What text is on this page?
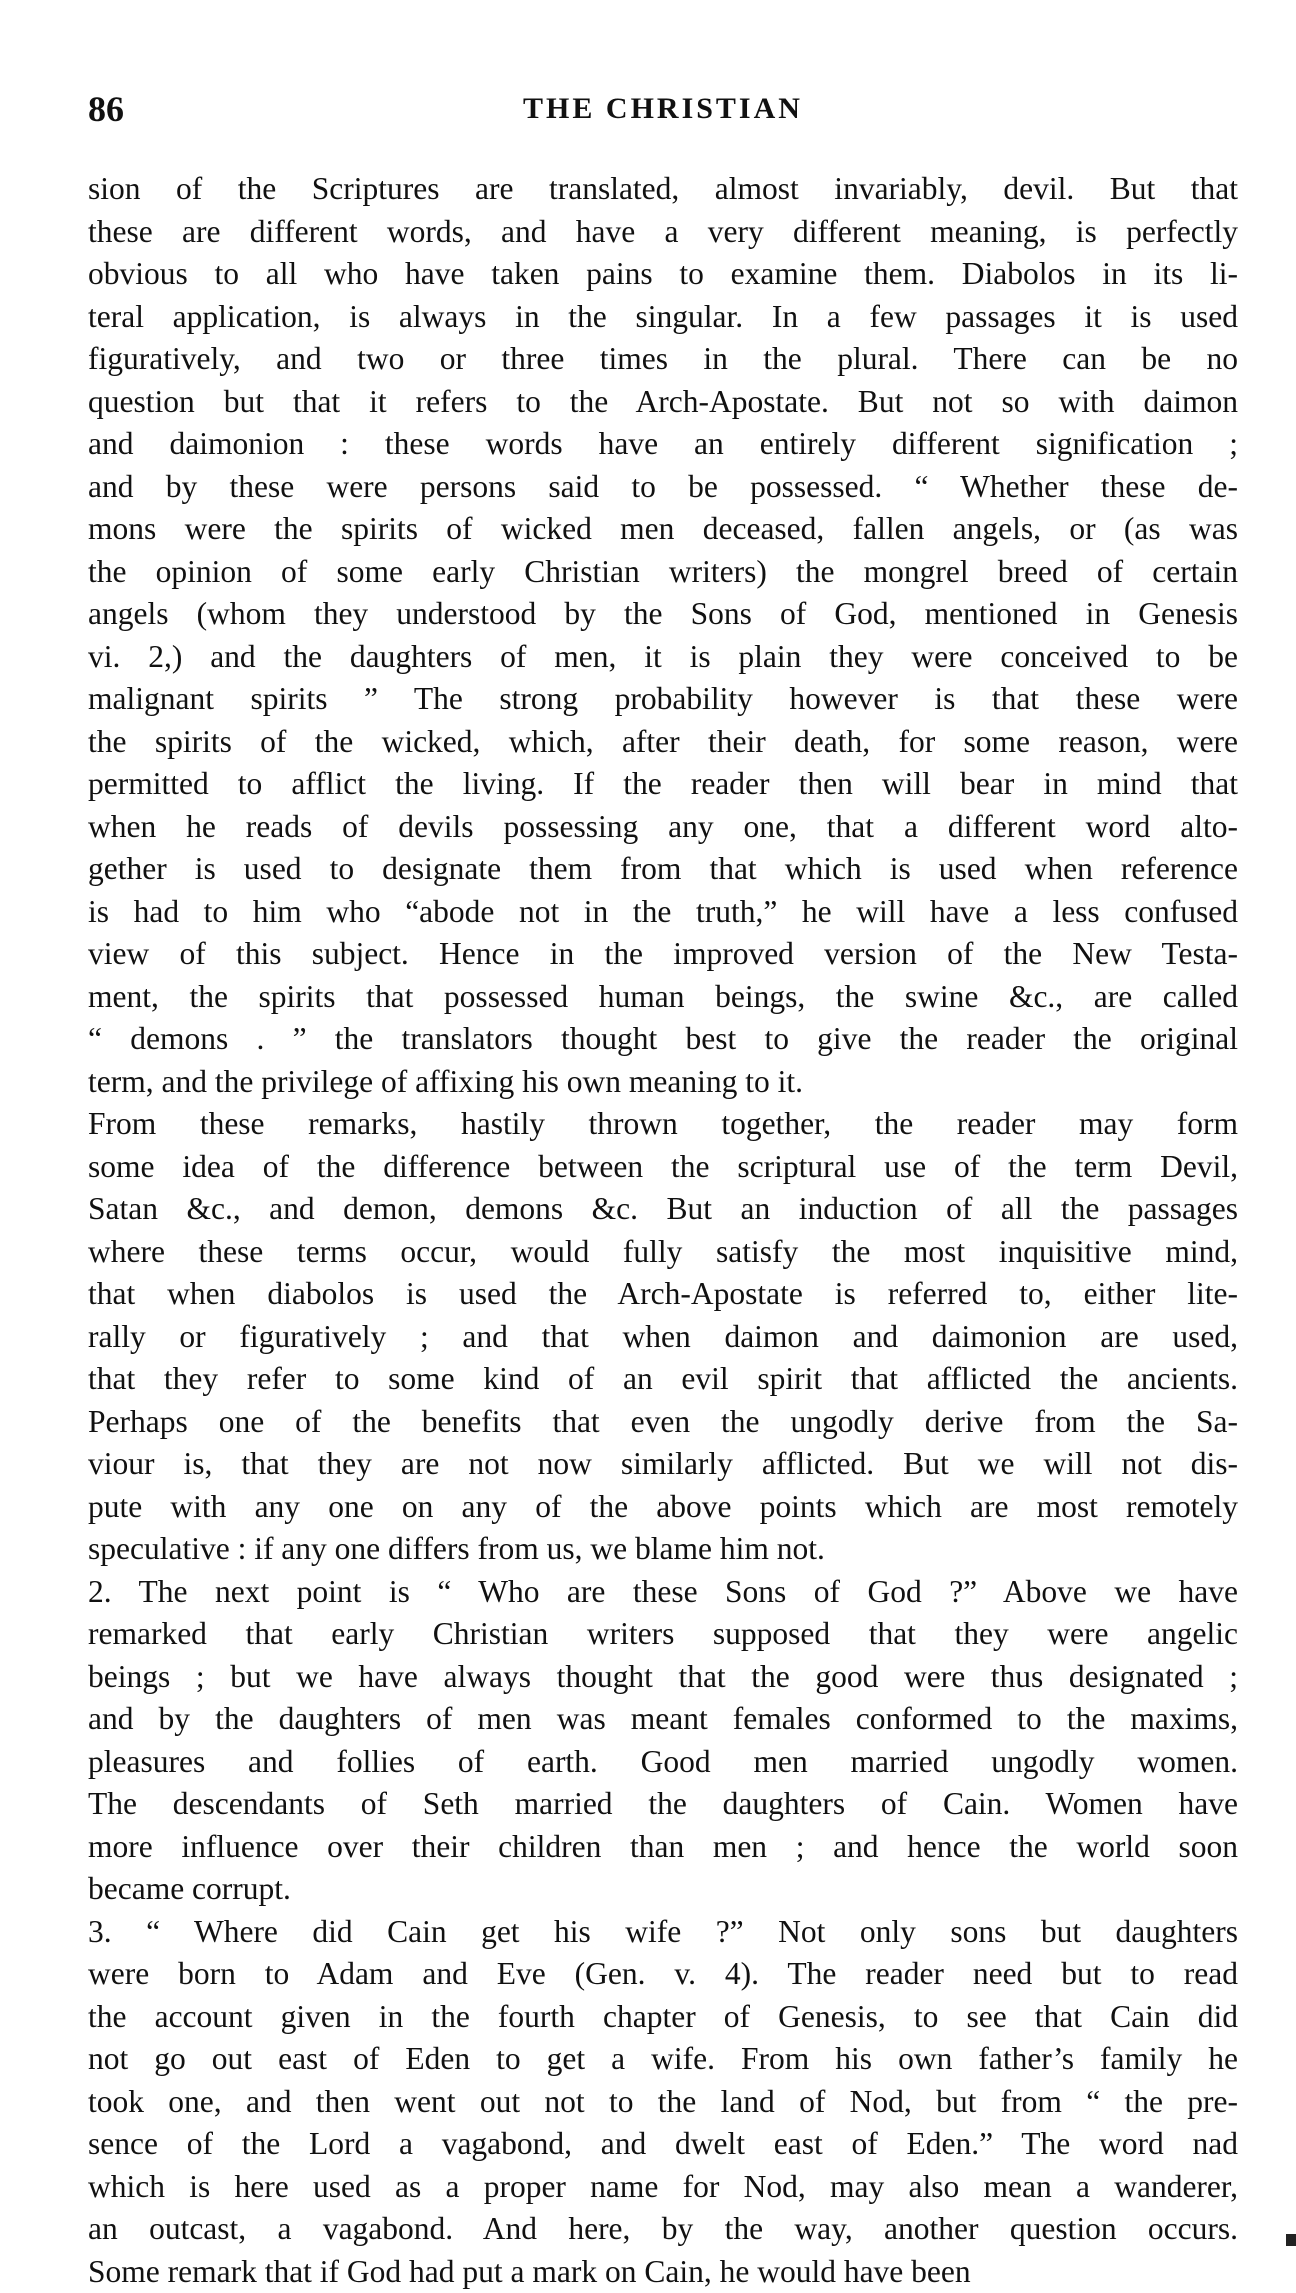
86	THE CHRISTIAN

sion of the Scriptures are translated, almost invariably, devil. But that
these are different words, and have a very different meaning, is perfectly
obvious to all who have taken pains to examine them. Diabolos in its li-
teral application, is always in the singular. In a few passages it is used
figuratively, and two or three times in the plural. There can be no
question but that it refers to the Arch-Apostate. But not so with daimon
and daimonion : these words have an entirely different signification ;
and by these were persons said to be possessed. “ Whether these de-
mons were the spirits of wicked men deceased, fallen angels, or (as was
the opinion of some early Christian writers) the mongrel breed of certain
angels (whom they understood by the Sons of God, mentioned in Genesis
vi. 2,) and the daughters of men, it is plain they were conceived to be
malignant spirits ” The strong probability however is that these were
the spirits of the wicked, which, after their death, for some reason, were
permitted to afflict the living. If the reader then will bear in mind that
when he reads of devils possessing any one, that a different word alto-
gether is used to designate them from that which is used when reference
is had to him who “abode not in the truth,” he will have a less confused
view of this subject. Hence in the improved version of the New Testa-
ment, the spirits that possessed human beings, the swine &c., are called
“ demons . ” the translators thought best to give the reader the original
term, and the privilege of affixing his own meaning to it.

From these remarks, hastily thrown together, the reader may form
some idea of the difference between the scriptural use of the term Devil,
Satan &c., and demon, demons &c. But an induction of all the passages
where these terms occur, would fully satisfy the most inquisitive mind,
that when diabolos is used the Arch-Apostate is referred to, either lite-
rally or figuratively ; and that when daimon and daimonion are used,
that they refer to some kind of an evil spirit that afflicted the ancients.
Perhaps one of the benefits that even the ungodly derive from the Sa-
viour is, that they are not now similarly afflicted. But we will not dis-
pute with any one on any of the above points which are most remotely
speculative : if any one differs from us, we blame him not.

2. The next point is “ Who are these Sons of God ?” Above we have
remarked that early Christian writers supposed that they were angelic
beings ; but we have always thought that the good were thus designated ;
and by the daughters of men was meant females conformed to the maxims,
pleasures and follies of earth. Good men married ungodly women.
The descendants of Seth married the daughters of Cain. Women have
more influence over their children than men ; and hence the world soon
became corrupt.

3. “ Where did Cain get his wife ?” Not only sons but daughters
were born to Adam and Eve (Gen. v. 4). The reader need but to read
the account given in the fourth chapter of Genesis, to see that Cain did
not go out east of Eden to get a wife. From his own father’s family he
took one, and then went out not to the land of Nod, but from “ the pre-
sence of the Lord a vagabond, and dwelt east of Eden.” The word nad
which is here used as a proper name for Nod, may also mean a wanderer,
an outcast, a vagabond. And here, by the way, another question occurs.
Some remark that if God had put a mark on Cain, he would have been
